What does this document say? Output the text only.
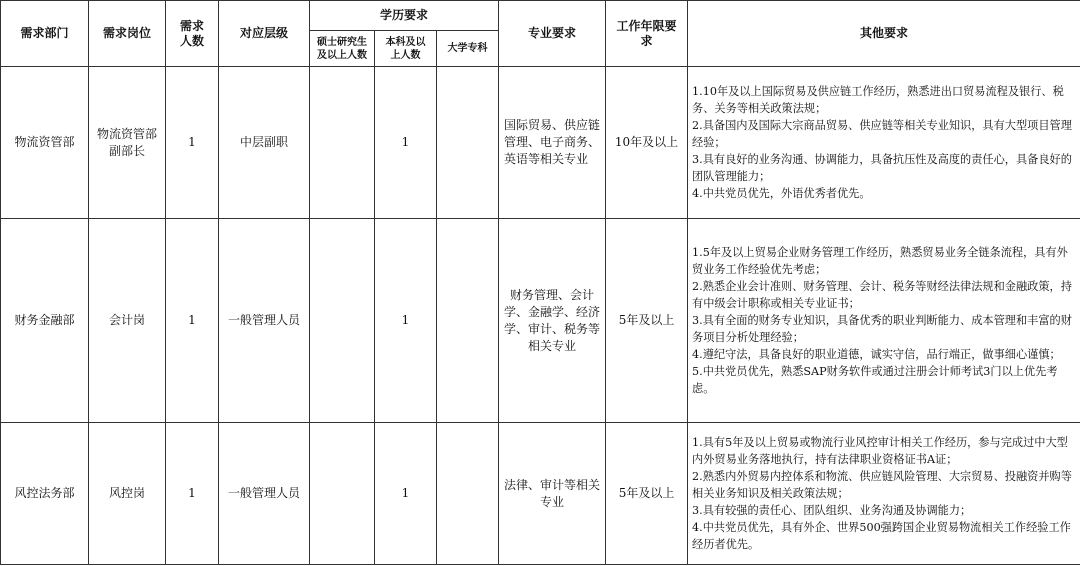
需求部门	需求岗位	需求人数	对应层级	学历要求			专业要求	工作年限要求	其他要求
				硕士研究生及以上人数	本科及以上人数	大学专科			
物流资管部	物流资管部副部长	1	中层副职		1		国际贸易、供应链管理、电子商务、英语等相关专业	10年及以上	1.10年及以上国际贸易及供应链工作经历，熟悉进出口贸易流程及银行、税务、关务等相关政策法规；
2.具备国内及国际大宗商品贸易、供应链等相关专业知识，具有大型项目管理经验；
3.具有良好的业务沟通、协调能力，具备抗压性及高度的责任心，具备良好的团队管理能力；
4.中共党员优先，外语优秀者优先。

财务金融部	会计岗	1	一般管理人员		1		财务管理、会计学、金融学、经济学、审计、税务等相关专业	5年及以上	1.5年及以上贸易企业财务管理工作经历，熟悉贸易业务全链条流程，具有外贸业务工作经验优先考虑；
2.熟悉企业会计准则、财务管理、会计、税务等财经法律法规和金融政策，持有中级会计职称或相关专业证书；
3.具有全面的财务专业知识，具备优秀的职业判断能力、成本管理和丰富的财务项目分析处理经验；
4.遵纪守法，具备良好的职业道德，诚实守信，品行端正，做事细心谨慎；
5.中共党员优先，熟悉SAP财务软件或通过注册会计师考试3门以上优先考虑。

风控法务部	风控岗	1	一般管理人员		1		法律、审计等相关专业	5年及以上	1.具有5年及以上贸易或物流行业风控审计相关工作经历，参与完成过中大型内外贸易业务落地执行，持有法律职业资格证书A证；
2.熟悉内外贸易内控体系和物流、供应链风险管理、大宗贸易、投融资并购等相关业务知识及相关政策法规；
3.具有较强的责任心、团队组织、业务沟通及协调能力；
4.中共党员优先，具有外企、世界500强跨国企业贸易物流相关工作经验工作经历者优先。
